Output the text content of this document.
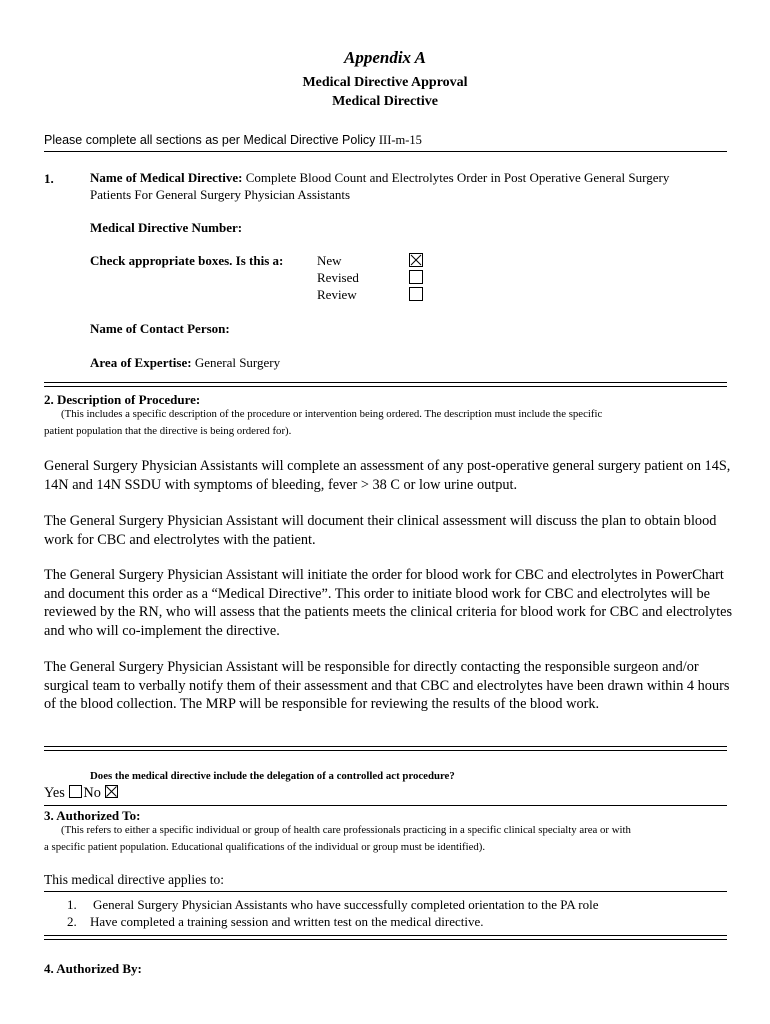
Appendix A
Medical Directive Approval
Medical Directive
Please complete all sections as per Medical Directive Policy III-m-15
1.	Name of Medical Directive: Complete Blood Count and Electrolytes Order in Post Operative General Surgery
Patients For General Surgery Physician Assistants
Medical Directive Number:
Check appropriate boxes. Is this a:	New
Revised
Review
Name of Contact Person:
Area of Expertise: General Surgery
2. Description of Procedure:
(This includes a specific description of the procedure or intervention being ordered. The description must include the specific
patient population that the directive is being ordered for).
General Surgery Physician Assistants will complete an assessment of any post-operative general surgery patient on 14S, 14N and 14N SSDU with symptoms of bleeding, fever > 38 C or low urine output.
The General Surgery Physician Assistant will document their clinical assessment will discuss the plan to obtain blood work for CBC and electrolytes with the patient.
The General Surgery Physician Assistant will initiate the order for blood work for CBC and electrolytes in PowerChart and document this order as a “Medical Directive”. This order to initiate blood work for CBC and electrolytes will be reviewed by the RN, who will assess that the patients meets the clinical criteria for blood work for CBC and electrolytes and who will co-implement the directive.
The General Surgery Physician Assistant will be responsible for directly contacting the responsible surgeon and/or surgical team to verbally notify them of their assessment and that CBC and electrolytes have been drawn within 4 hours of the blood collection. The MRP will be responsible for reviewing the results of the blood work.
Does the medical directive include the delegation of a controlled act procedure?
Yes No
3. Authorized To:
(This refers to either a specific individual or group of health care professionals practicing in a specific clinical specialty area or with
a specific patient population. Educational qualifications of the individual or group must be identified).
This medical directive applies to:
1. General Surgery Physician Assistants who have successfully completed orientation to the PA role
2. Have completed a training session and written test on the medical directive.
4. Authorized By:
